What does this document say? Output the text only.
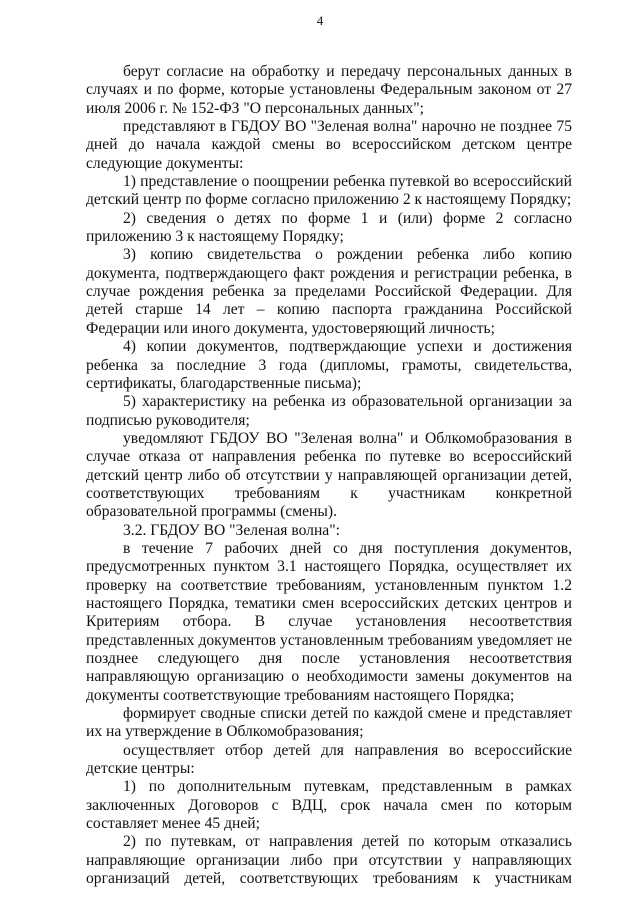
4

берут согласие на обработку и передачу персональных данных в случаях и по форме, которые установлены Федеральным законом от 27 июля 2006 г. № 152-ФЗ "О персональных данных";

представляют в ГБДОУ ВО "Зеленая волна" нарочно не позднее 75 дней до начала каждой смены во всероссийском детском центре следующие документы:

1) представление о поощрении ребенка путевкой во всероссийский детский центр по форме согласно приложению 2 к настоящему Порядку;

2) сведения о детях по форме 1 и (или) форме 2 согласно приложению 3 к настоящему Порядку;

3) копию свидетельства о рождении ребенка либо копию документа, подтверждающего факт рождения и регистрации ребенка, в случае рождения ребенка за пределами Российской Федерации. Для детей старше 14 лет – копию паспорта гражданина Российской Федерации или иного документа, удостоверяющий личность;

4) копии документов, подтверждающие успехи и достижения ребенка за последние 3 года (дипломы, грамоты, свидетельства, сертификаты, благодарственные письма);

5) характеристику на ребенка из образовательной организации за подписью руководителя;

уведомляют ГБДОУ ВО "Зеленая волна" и Облкомобразования в случае отказа от направления ребенка по путевке во всероссийский детский центр либо об отсутствии у направляющей организации детей, соответствующих требованиям к участникам конкретной образовательной программы (смены).

3.2. ГБДОУ ВО "Зеленая волна":

в течение 7 рабочих дней со дня поступления документов, предусмотренных пунктом 3.1 настоящего Порядка, осуществляет их проверку на соответствие требованиям, установленным пунктом 1.2 настоящего Порядка, тематики смен всероссийских детских центров и Критериям отбора. В случае установления несоответствия представленных документов установленным требованиям уведомляет не позднее следующего дня после установления несоответствия направляющую организацию о необходимости замены документов на документы соответствующие требованиям настоящего Порядка;

формирует сводные списки детей по каждой смене и представляет их на утверждение в Облкомобразования;

осуществляет отбор детей для направления во всероссийские детские центры:

1) по дополнительным путевкам, представленным в рамках заключенных Договоров с ВДЦ, срок начала смен по которым составляет менее 45 дней;

2) по путевкам, от направления детей по которым отказались направляющие организации либо при отсутствии у направляющих организаций детей, соответствующих требованиям к участникам
